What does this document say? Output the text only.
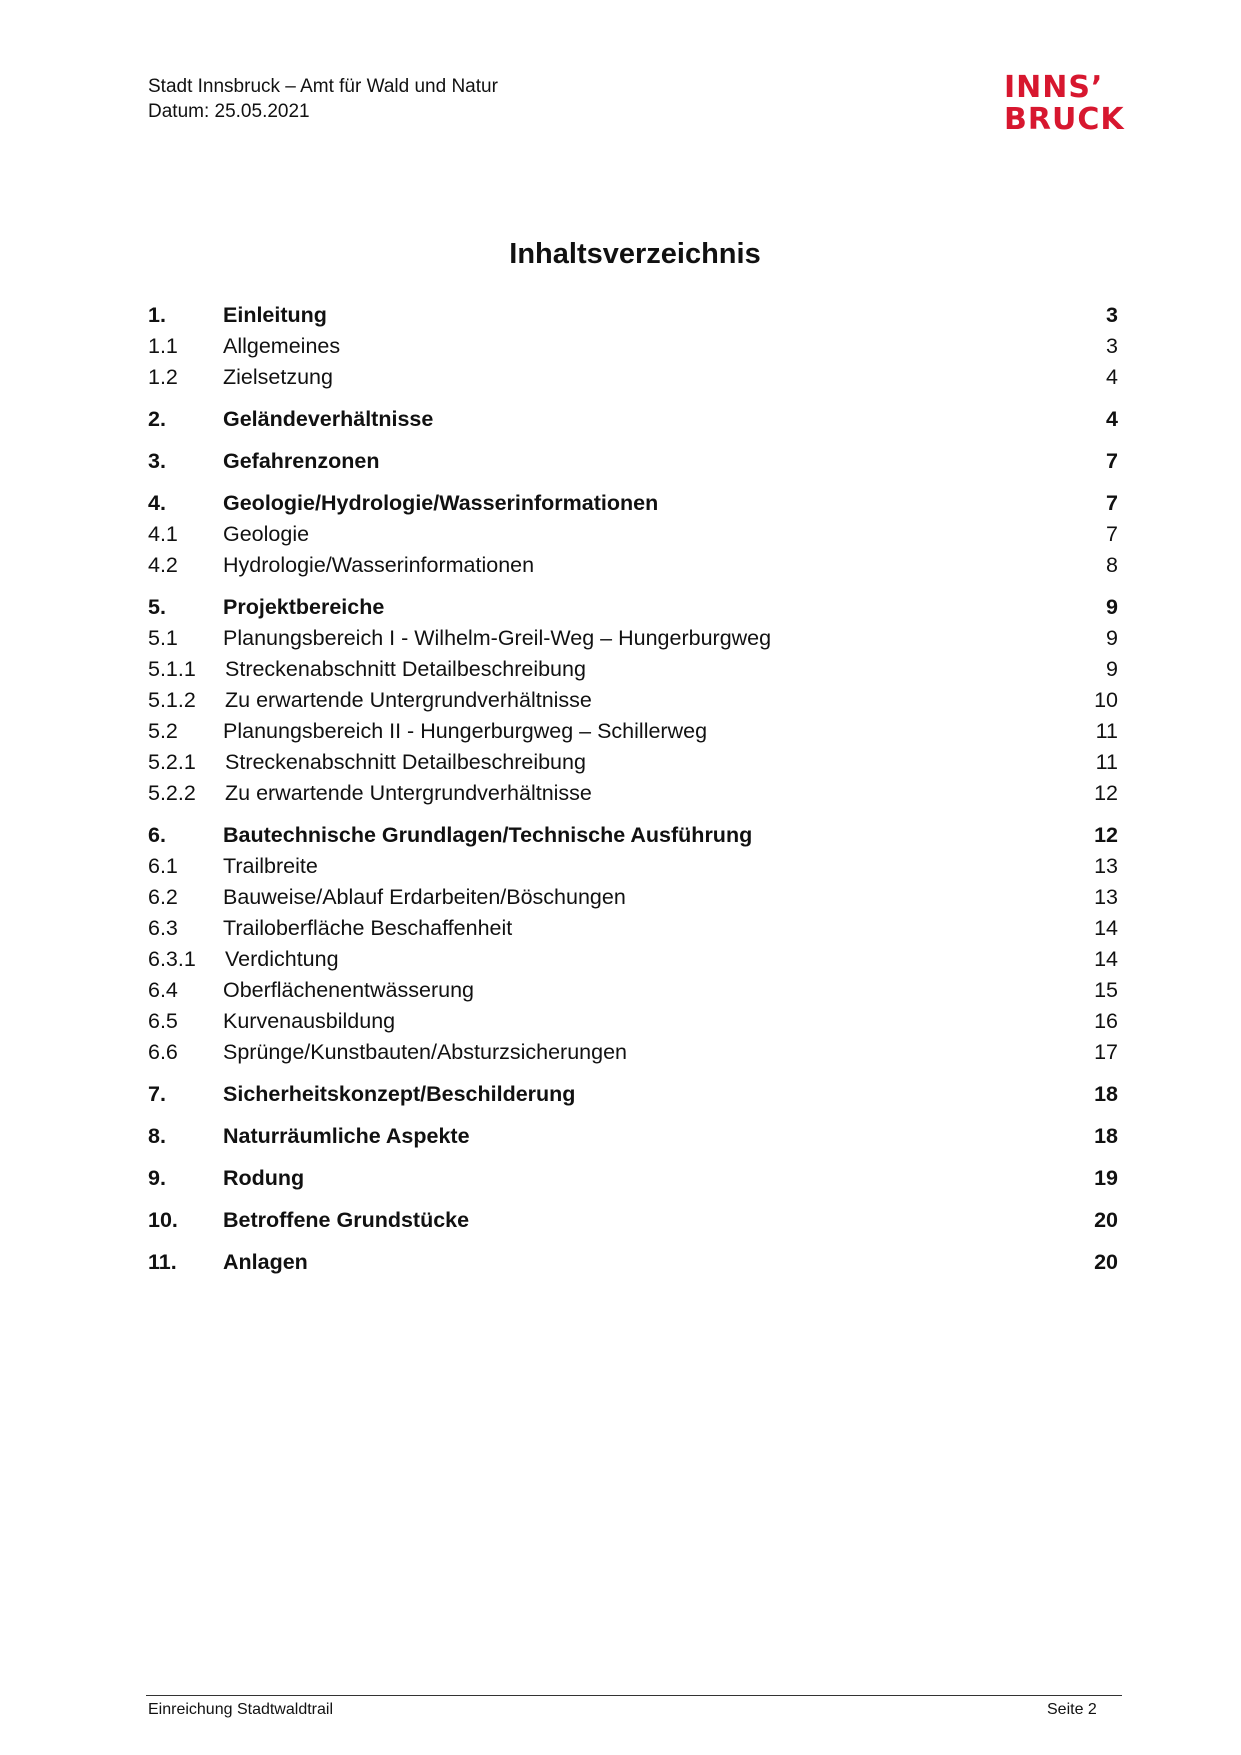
Stadt Innsbruck – Amt für Wald und Natur
Datum: 25.05.2021
INNS’
BRUCK
Inhaltsverzeichnis
1.	Einleitung	3
1.1 Allgemeines	3
1.2 Zielsetzung	4
2.	Geländeverhältnisse	4
3.	Gefahrenzonen	7
4.	Geologie/Hydrologie/Wasserinformationen	7
4.1 Geologie	7
4.2 Hydrologie/Wasserinformationen	8
5.	Projektbereiche	9
5.1 Planungsbereich I - Wilhelm-Greil-Weg – Hungerburgweg	9
5.1.1 Streckenabschnitt Detailbeschreibung	9
5.1.2 Zu erwartende Untergrundverhältnisse	10
5.2 Planungsbereich II - Hungerburgweg – Schillerweg	11
5.2.1 Streckenabschnitt Detailbeschreibung	11
5.2.2 Zu erwartende Untergrundverhältnisse	12
6.	Bautechnische Grundlagen/Technische Ausführung	12
6.1 Trailbreite	13
6.2 Bauweise/Ablauf Erdarbeiten/Böschungen	13
6.3 Trailoberfläche Beschaffenheit	14
6.3.1 Verdichtung	14
6.4 Oberflächenentwässerung	15
6.5 Kurvenausbildung	16
6.6 Sprünge/Kunstbauten/Absturzsicherungen	17
7.	Sicherheitskonzept/Beschilderung	18
8.	Naturräumliche Aspekte	18
9.	Rodung	19
10. Betroffene Grundstücke	20
11. Anlagen	20
Einreichung Stadtwaldtrail	Seite 2
